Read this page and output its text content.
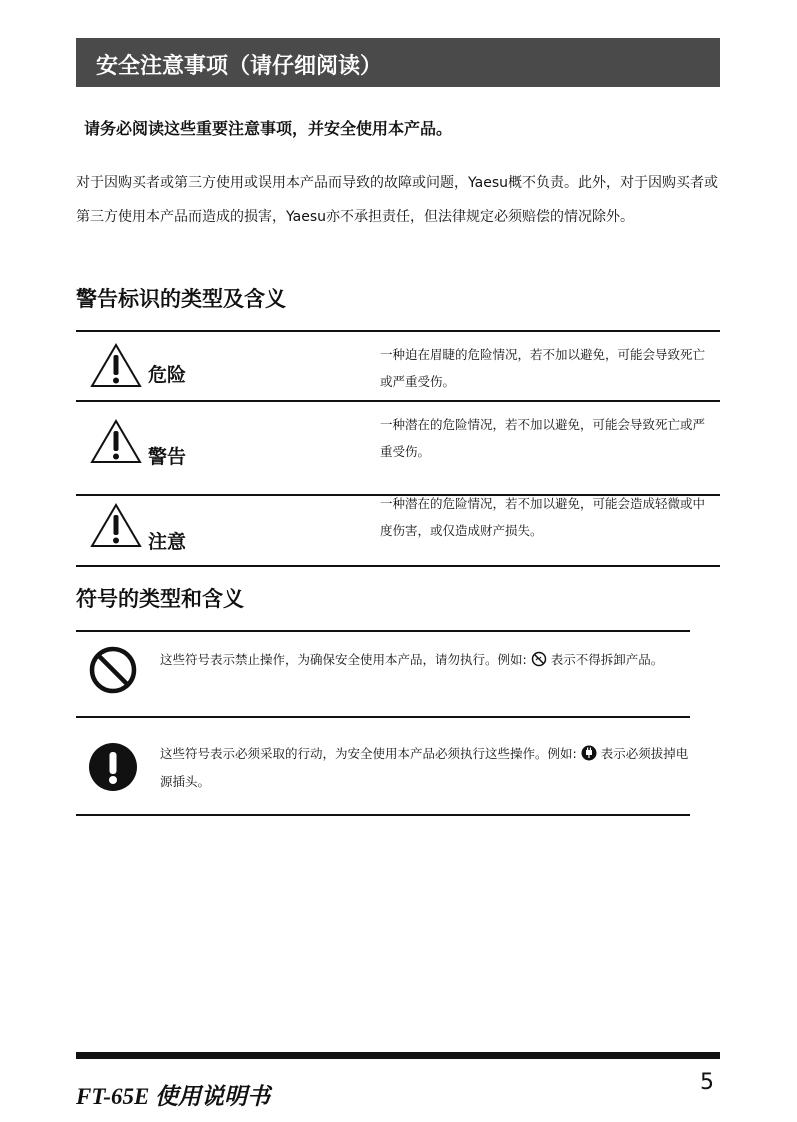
安全注意事项（请仔细阅读）
请务必阅读这些重要注意事项，并安全使用本产品。
对于因购买者或第三方使用或误用本产品而导致的故障或问题，Yaesu概不负责。此外，对于因购买者或第三方使用本产品而造成的损害，Yaesu亦不承担责任，但法律规定必须赔偿的情况除外。
警告标识的类型及含义
危险
一种迫在眉睫的危险情况，若不加以避免，可能会导致死亡或严重受伤。
警告
一种潜在的危险情况，若不加以避免，可能会导致死亡或严重受伤。
注意
一种潜在的危险情况，若不加以避免，可能会造成轻微或中度伤害，或仅造成财产损失。
符号的类型和含义
这些符号表示禁止操作，为确保安全使用本产品，请勿执行。例如: 表示不得拆卸产品。
这些符号表示必须采取的行动，为安全使用本产品必须执行这些操作。例如: 表示必须拔掉电源插头。
FT-65E 使用说明书
5
